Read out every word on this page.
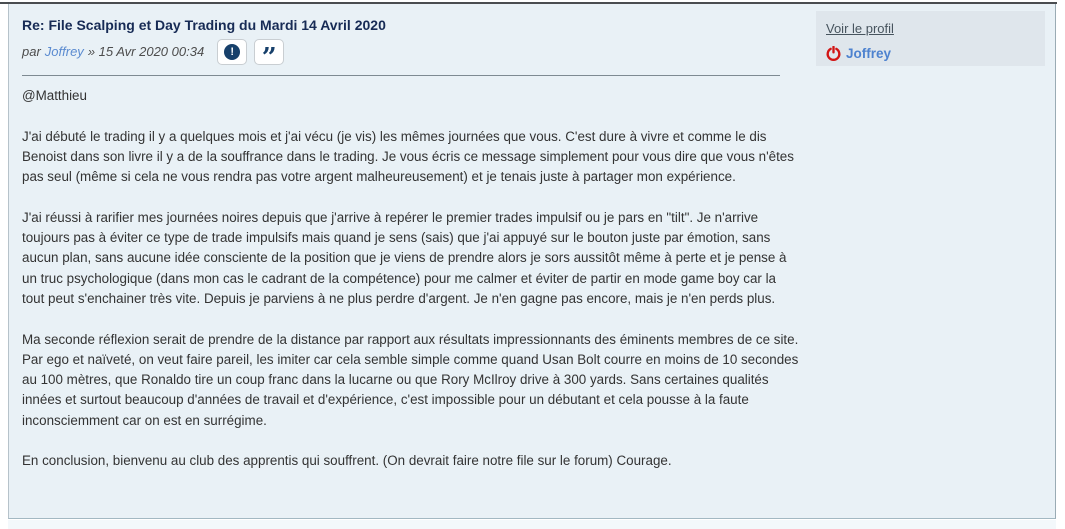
Re: File Scalping et Day Trading du Mardi 14 Avril 2020
par Joffrey » 15 Avr 2020 00:34	! ”

@Matthieu

J'ai débuté le trading il y a quelques mois et j'ai vécu (je vis) les mêmes journées que vous. C'est dure à vivre et comme le dis Benoist dans son livre il y a de la souffrance dans le trading. Je vous écris ce message simplement pour vous dire que vous n'êtes pas seul (même si cela ne vous rendra pas votre argent malheureusement) et je tenais juste à partager mon expérience.

J'ai réussi à rarifier mes journées noires depuis que j'arrive à repérer le premier trades impulsif ou je pars en "tilt". Je n'arrive toujours pas à éviter ce type de trade impulsifs mais quand je sens (sais) que j'ai appuyé sur le bouton juste par émotion, sans aucun plan, sans aucune idée consciente de la position que je viens de prendre alors je sors aussitôt même à perte et je pense à un truc psychologique (dans mon cas le cadrant de la compétence) pour me calmer et éviter de partir en mode game boy car la tout peut s'enchainer très vite. Depuis je parviens à ne plus perdre d'argent. Je n'en gagne pas encore, mais je n'en perds plus.

Ma seconde réflexion serait de prendre de la distance par rapport aux résultats impressionnants des éminents membres de ce site. Par ego et naïveté, on veut faire pareil, les imiter car cela semble simple comme quand Usan Bolt courre en moins de 10 secondes au 100 mètres, que Ronaldo tire un coup franc dans la lucarne ou que Rory McIlroy drive à 300 yards. Sans certaines qualités innées et surtout beaucoup d'années de travail et d'expérience, c'est impossible pour un débutant et cela pousse à la faute inconsciemment car on est en surrégime.

En conclusion, bienvenu au club des apprentis qui souffrent. (On devrait faire notre file sur le forum) Courage.

Voir le profil
Joffrey
